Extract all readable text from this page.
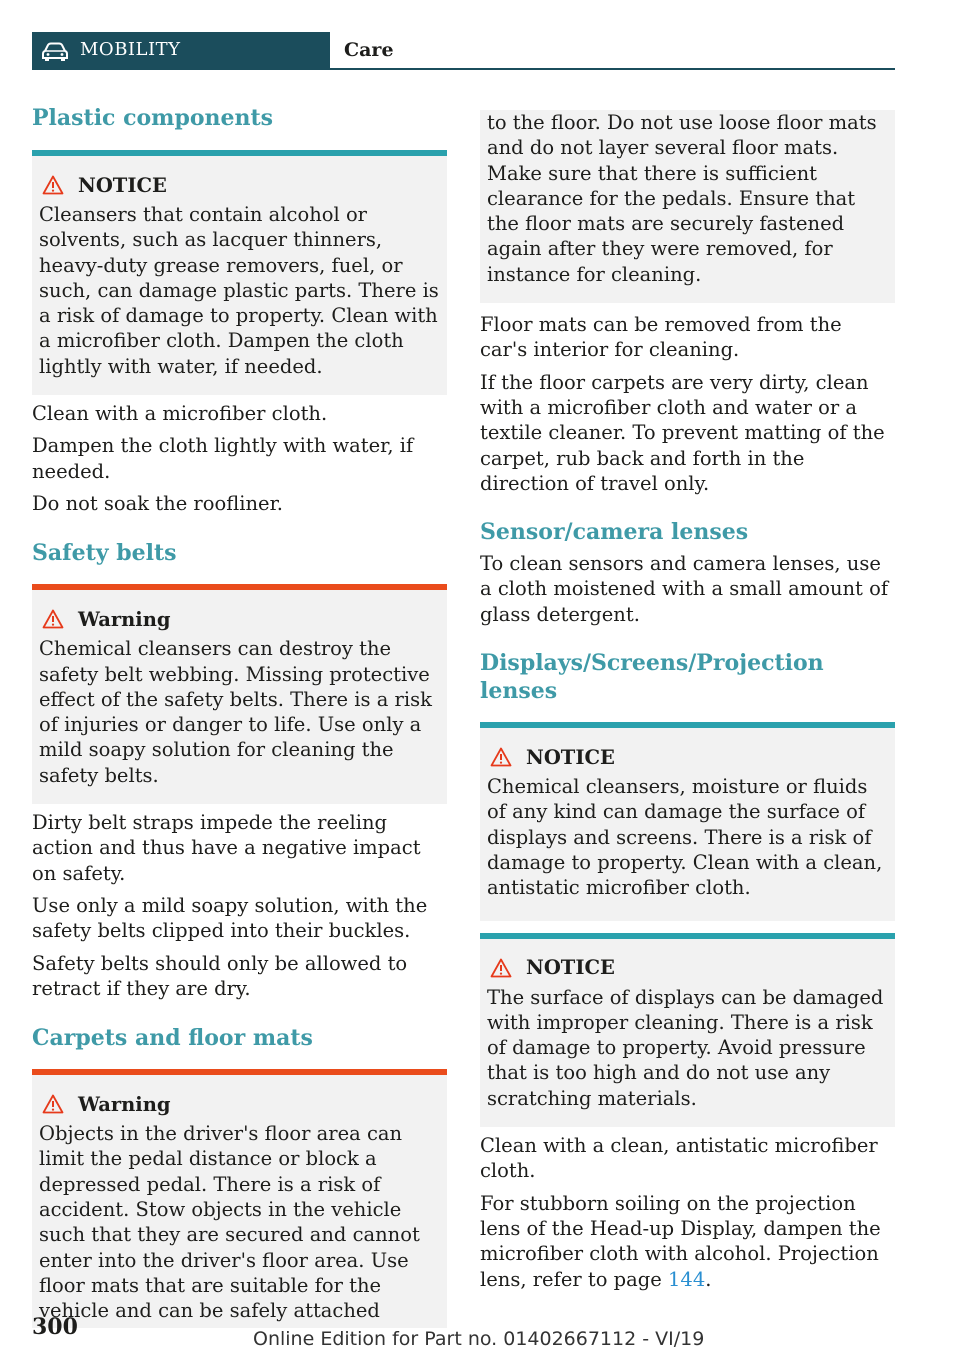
MOBILITY	Care
Plastic components
NOTICE

Cleansers that contain alcohol or solvents, such as lacquer thinners, heavy-duty grease removers, fuel, or such, can damage plastic parts. There is a risk of damage to property. Clean with a microfiber cloth. Dampen the cloth lightly with water, if needed.

Clean with a microfiber cloth.

Dampen the cloth lightly with water, if needed.

Do not soak the roofliner.

Safety belts
Warning

Chemical cleansers can destroy the safety belt webbing. Missing protective effect of the safety belts. There is a risk of injuries or danger to life. Use only a mild soapy solution for cleaning the safety belts.

Dirty belt straps impede the reeling action and thus have a negative impact on safety.

Use only a mild soapy solution, with the safety belts clipped into their buckles.

Safety belts should only be allowed to retract if they are dry.

Carpets and floor mats
Warning

Objects in the driver's floor area can limit the pedal distance or block a depressed pedal. There is a risk of accident. Stow objects in the vehicle such that they are secured and cannot enter into the driver's floor area. Use floor mats that are suitable for the vehicle and can be safely attached

to the floor. Do not use loose floor mats and do not layer several floor mats. Make sure that there is sufficient clearance for the pedals. Ensure that the floor mats are securely fastened again after they were removed, for instance for cleaning.

Floor mats can be removed from the car's interior for cleaning.

If the floor carpets are very dirty, clean with a microfiber cloth and water or a textile cleaner. To prevent matting of the carpet, rub back and forth in the direction of travel only.

Sensor/camera lenses

To clean sensors and camera lenses, use a cloth moistened with a small amount of glass detergent.

Displays/Screens/Projection lenses
NOTICE

Chemical cleansers, moisture or fluids of any kind can damage the surface of displays and screens. There is a risk of damage to property. Clean with a clean, antistatic microfiber cloth.

NOTICE

The surface of displays can be damaged with improper cleaning. There is a risk of damage to property. Avoid pressure that is too high and do not use any scratching materials.

Clean with a clean, antistatic microfiber cloth.

For stubborn soiling on the projection lens of the Head-up Display, dampen the microfiber cloth with alcohol. Projection lens, refer to page 144.

300	Online Edition for Part no. 01402667112 - VI/19
